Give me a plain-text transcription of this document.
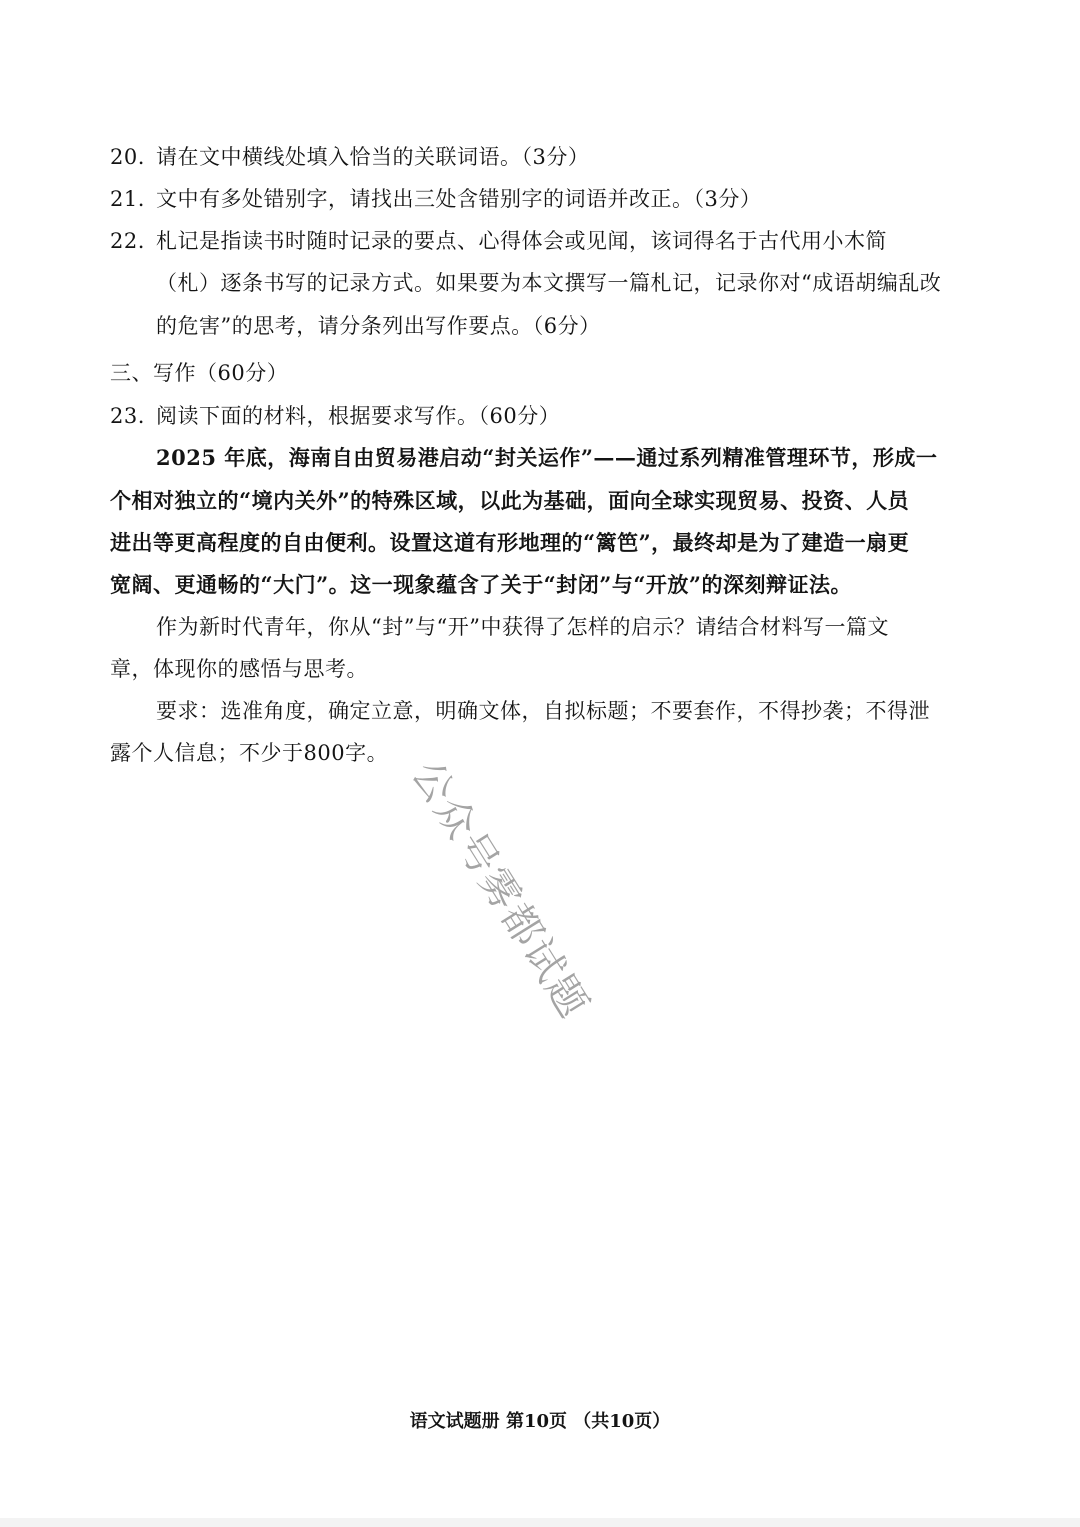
20. 请在文中横线处填入恰当的关联词语。（3分）
21. 文中有多处错别字，请找出三处含错别字的词语并改正。（3分）
22. 札记是指读书时随时记录的要点、心得体会或见闻，该词得名于古代用小木简
（札）逐条书写的记录方式。如果要为本文撰写一篇札记，记录你对“成语胡编乱改
的危害”的思考，请分条列出写作要点。（6分）
三、写作（60分）
23. 阅读下面的材料，根据要求写作。（60分）
2025 年底，海南自由贸易港启动“封关运作”——通过系列精准管理环节，形成一
个相对独立的“境内关外”的特殊区域，以此为基础，面向全球实现贸易、投资、人员
进出等更高程度的自由便利。设置这道有形地理的“篱笆”，最终却是为了建造一扇更
宽阔、更通畅的“大门”。这一现象蕴含了关于“封闭”与“开放”的深刻辩证法。
作为新时代青年，你从“封”与“开”中获得了怎样的启示？请结合材料写一篇文
章，体现你的感悟与思考。
要求：选准角度，确定立意，明确文体，自拟标题；不要套作，不得抄袭；不得泄
露个人信息；不少于800字。
公众号雾都试题
语文试题册 第10页 （共10页）
